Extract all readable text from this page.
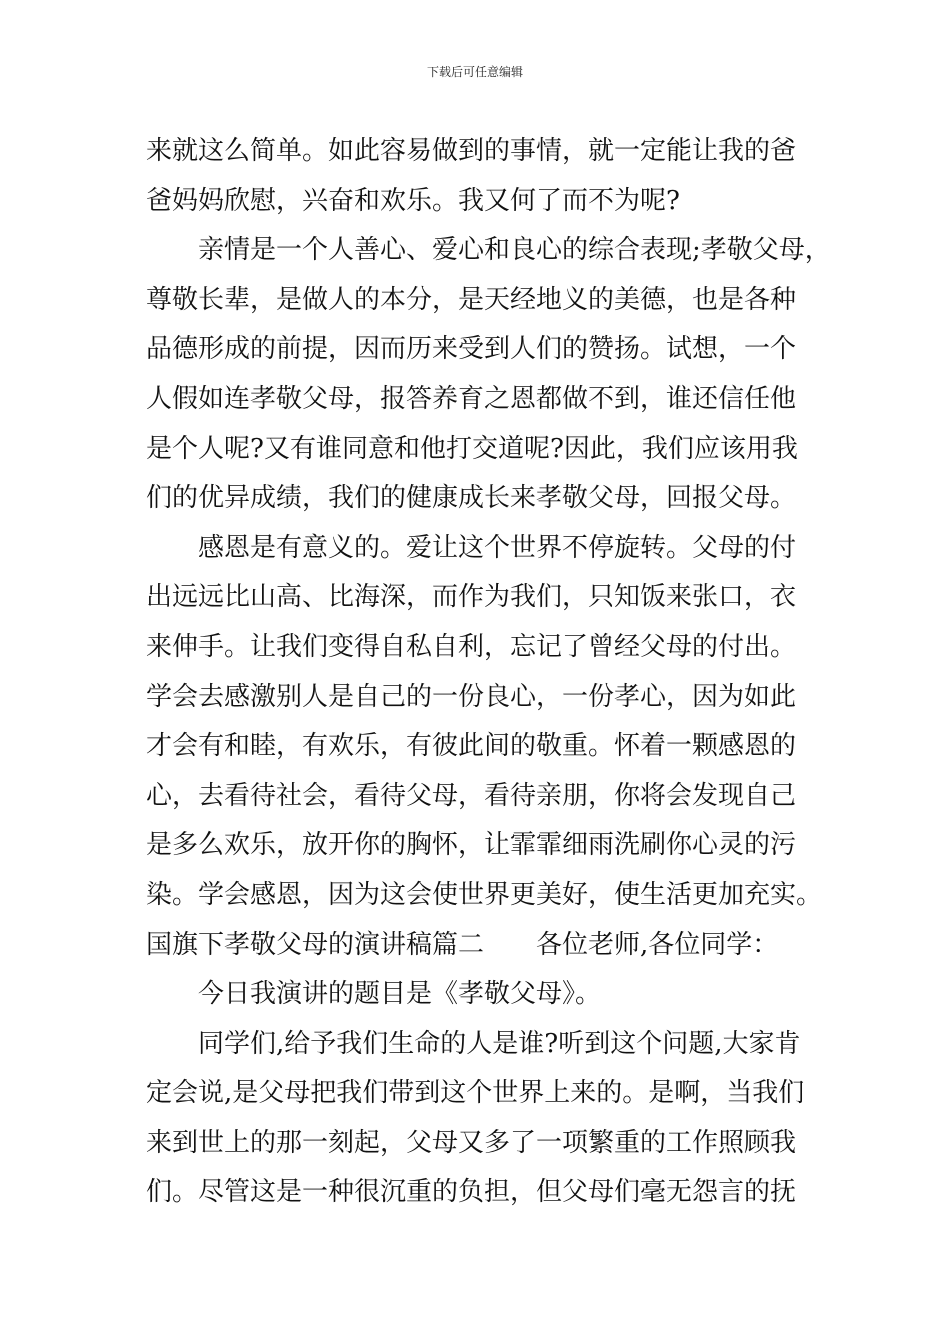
下载后可任意编辑
来就这么简单。如此容易做到的事情，就一定能让我的爸
爸妈妈欣慰，兴奋和欢乐。我又何了而不为呢?
亲情是一个人善心、爱心和良心的综合表现;孝敬父母，
尊敬长辈，是做人的本分，是天经地义的美德，也是各种
品德形成的前提，因而历来受到人们的赞扬。试想，一个
人假如连孝敬父母，报答养育之恩都做不到，谁还信任他
是个人呢?又有谁同意和他打交道呢?因此，我们应该用我
们的优异成绩，我们的健康成长来孝敬父母，回报父母。
感恩是有意义的。爱让这个世界不停旋转。父母的付
出远远比山高、比海深，而作为我们，只知饭来张口，衣
来伸手。让我们变得自私自利，忘记了曾经父母的付出。
学会去感激别人是自己的一份良心，一份孝心，因为如此
才会有和睦，有欢乐，有彼此间的敬重。怀着一颗感恩的
心，去看待社会，看待父母，看待亲朋，你将会发现自己
是多么欢乐，放开你的胸怀，让霏霏细雨洗刷你心灵的污
染。学会感恩，因为这会使世界更美好，使生活更加充实。
国旗下孝敬父母的演讲稿篇二　　各位老师,各位同学：
今日我演讲的题目是《孝敬父母》。
同学们,给予我们生命的人是谁?听到这个问题,大家肯
定会说,是父母把我们带到这个世界上来的。是啊，当我们
来到世上的那一刻起，父母又多了一项繁重的工作照顾我
们。尽管这是一种很沉重的负担，但父母们毫无怨言的抚
